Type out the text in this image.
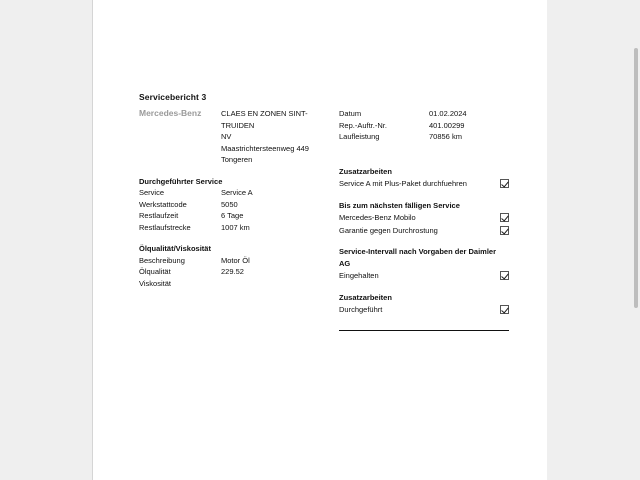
Servicebericht 3
Mercedes-Benz	CLAES EN ZONEN SINT-TRUIDEN
NV
Maastrichtersteenweg 449
Tongeren
Datum	01.02.2024
Rep.-Auftr.-Nr.	401.00299
Laufleistung	70856 km
Durchgeführter Service
Service	Service A
Werkstattcode	5050
Restlaufzeit	6 Tage
Restlaufstrecke	1007 km
Ölqualität/Viskosität
Beschreibung	Motor Öl
Ölqualität	229.52
Viskosität
Zusatzarbeiten
Service A mit Plus-Paket durchfuehren
Bis zum nächsten fälligen Service
Mercedes-Benz Mobilo
Garantie gegen Durchrostung
Service-Intervall nach Vorgaben der Daimler AG
Eingehalten
Zusatzarbeiten
Durchgeführt
